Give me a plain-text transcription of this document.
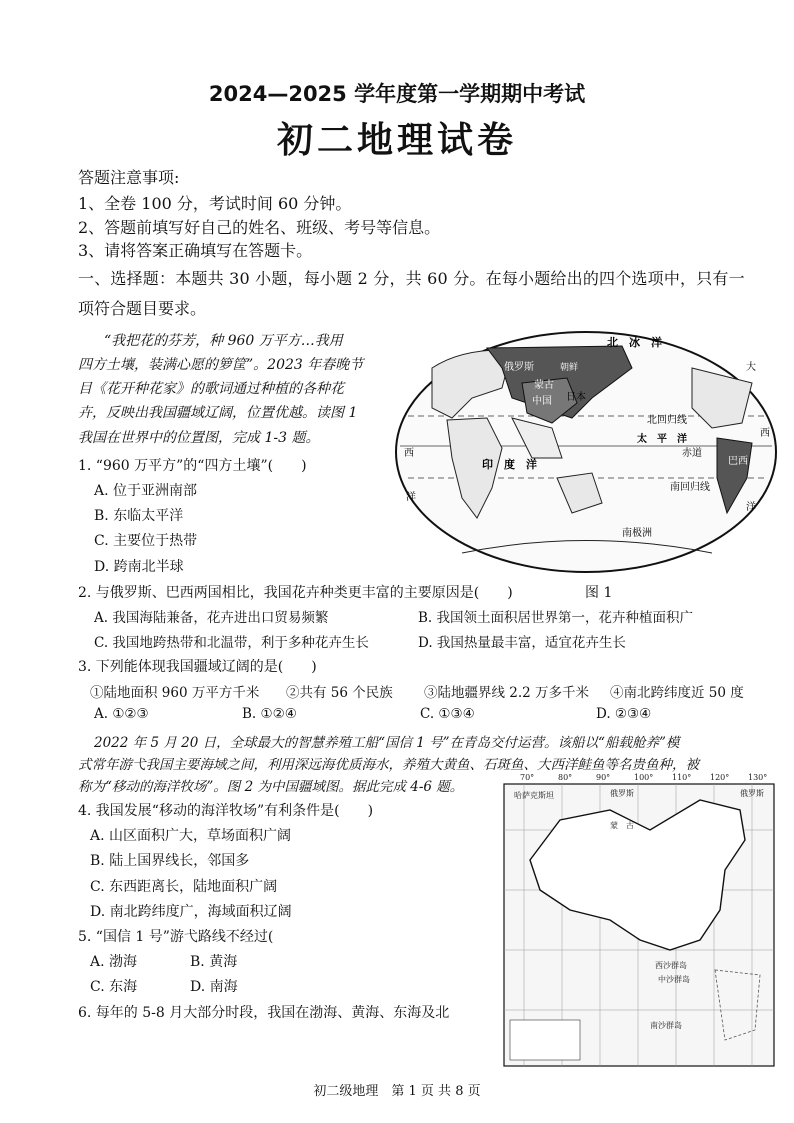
2024—2025 学年度第一学期期中考试
初二地理试卷
答题注意事项:
1、全卷 100 分，考试时间 60 分钟。
2、答题前填写好自己的姓名、班级、考号等信息。
3、请将答案正确填写在答题卡。
一、选择题：本题共 30 小题，每小题 2 分，共 60 分。在每小题给出的四个选项中，只有一
项符合题目要求。
“我把花的芬芳，种 960 万平方…我用
四方土壤，装满心愿的箩筐”。2023 年春晚节
目《花开种花家》的歌词通过种植的各种花
卉，反映出我国疆域辽阔，位置优越。读图 1
我国在世界中的位置图，完成 1-3 题。
1. “960 万平方”的“四方土壤”(　　)
A. 位于亚洲南部
B. 东临太平洋
C. 主要位于热带
D. 跨南北半球
北　冰　洋
俄罗斯	朝鲜
蒙古
中国 日本
北回归线
太　平　洋
赤道
巴西
印　度　洋
南回归线
南极洲
西
西
大
洋
洋
2. 与俄罗斯、巴西两国相比，我国花卉种类更丰富的主要原因是(　　)	图 1
A. 我国海陆兼备，花卉进出口贸易频繁	B. 我国领土面积居世界第一，花卉种植面积广
C. 我国地跨热带和北温带，利于多种花卉生长	D. 我国热量最丰富，适宜花卉生长
3. 下列能体现我国疆域辽阔的是(　　)
①陆地面积 960 万平方千米 ②共有 56 个民族 ③陆地疆界线 2.2 万多千米 ④南北跨纬度近 50 度
A. ①②③	B. ①②④	C. ①③④	D. ②③④
2022 年 5 月 20 日，全球最大的智慧养殖工船“国信 1 号”在青岛交付运营。该船以“船载舱养”模
式常年游弋我国主要海域之间，利用深远海优质海水，养殖大黄鱼、石斑鱼、大西洋鲑鱼等名贵鱼种，被
称为“移动的海洋牧场”。图 2 为中国疆域图。据此完成 4-6 题。
70°	80°	90°	100° 110° 120° 130°
哈萨克斯坦	俄罗斯
蒙　古
俄罗斯
西沙群岛
中沙群岛
南沙群岛
4. 我国发展“移动的海洋牧场”有利条件是(　　)
A. 山区面积广大，草场面积广阔
B. 陆上国界线长，邻国多
C. 东西距离长，陆地面积广阔
D. 南北跨纬度广，海域面积辽阔
5. “国信 1 号”游弋路线不经过(
A. 渤海	B. 黄海
C. 东海	D. 南海
6. 每年的 5-8 月大部分时段，我国在渤海、黄海、东海及北
初二级地理　第 1 页 共 8 页
